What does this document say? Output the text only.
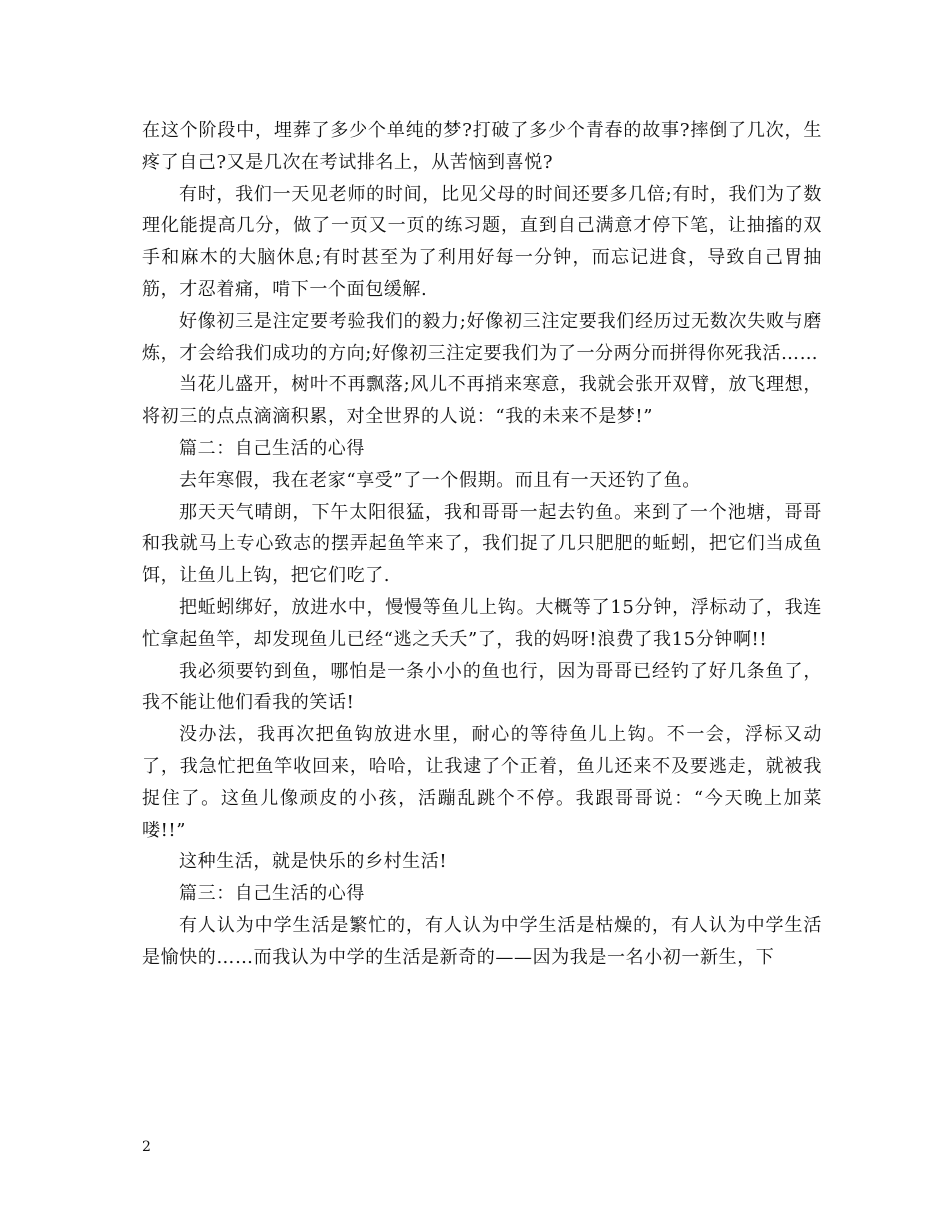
在这个阶段中，埋葬了多少个单纯的梦?打破了多少个青春的故事?摔倒了几次，生疼了自己?又是几次在考试排名上，从苦恼到喜悦?

有时，我们一天见老师的时间，比见父母的时间还要多几倍;有时，我们为了数理化能提高几分，做了一页又一页的练习题，直到自己满意才停下笔，让抽搐的双手和麻木的大脑休息;有时甚至为了利用好每一分钟，而忘记进食，导致自己胃抽筋，才忍着痛，啃下一个面包缓解.

好像初三是注定要考验我们的毅力;好像初三注定要我们经历过无数次失败与磨炼，才会给我们成功的方向;好像初三注定要我们为了一分两分而拼得你死我活……

当花儿盛开，树叶不再飘落;风儿不再捎来寒意，我就会张开双臂，放飞理想，将初三的点点滴滴积累，对全世界的人说：“我的未来不是梦!”

篇二：自己生活的心得

去年寒假，我在老家“享受”了一个假期。而且有一天还钓了鱼。

那天天气晴朗，下午太阳很猛，我和哥哥一起去钓鱼。来到了一个池塘，哥哥和我就马上专心致志的摆弄起鱼竿来了，我们捉了几只肥肥的蚯蚓，把它们当成鱼饵，让鱼儿上钩，把它们吃了.

把蚯蚓绑好，放进水中，慢慢等鱼儿上钩。大概等了15分钟，浮标动了，我连忙拿起鱼竿，却发现鱼儿已经“逃之夭夭”了，我的妈呀!浪费了我15分钟啊!!

我必须要钓到鱼，哪怕是一条小小的鱼也行，因为哥哥已经钓了好几条鱼了，我不能让他们看我的笑话!

没办法，我再次把鱼钩放进水里，耐心的等待鱼儿上钩。不一会，浮标又动了，我急忙把鱼竿收回来，哈哈，让我逮了个正着，鱼儿还来不及要逃走，就被我捉住了。这鱼儿像顽皮的小孩，活蹦乱跳个不停。我跟哥哥说：“今天晚上加菜喽!!”

这种生活，就是快乐的乡村生活!

篇三：自己生活的心得

有人认为中学生活是繁忙的，有人认为中学生活是枯燥的，有人认为中学生活是愉快的……而我认为中学的生活是新奇的——因为我是一名小初一新生，下

2
